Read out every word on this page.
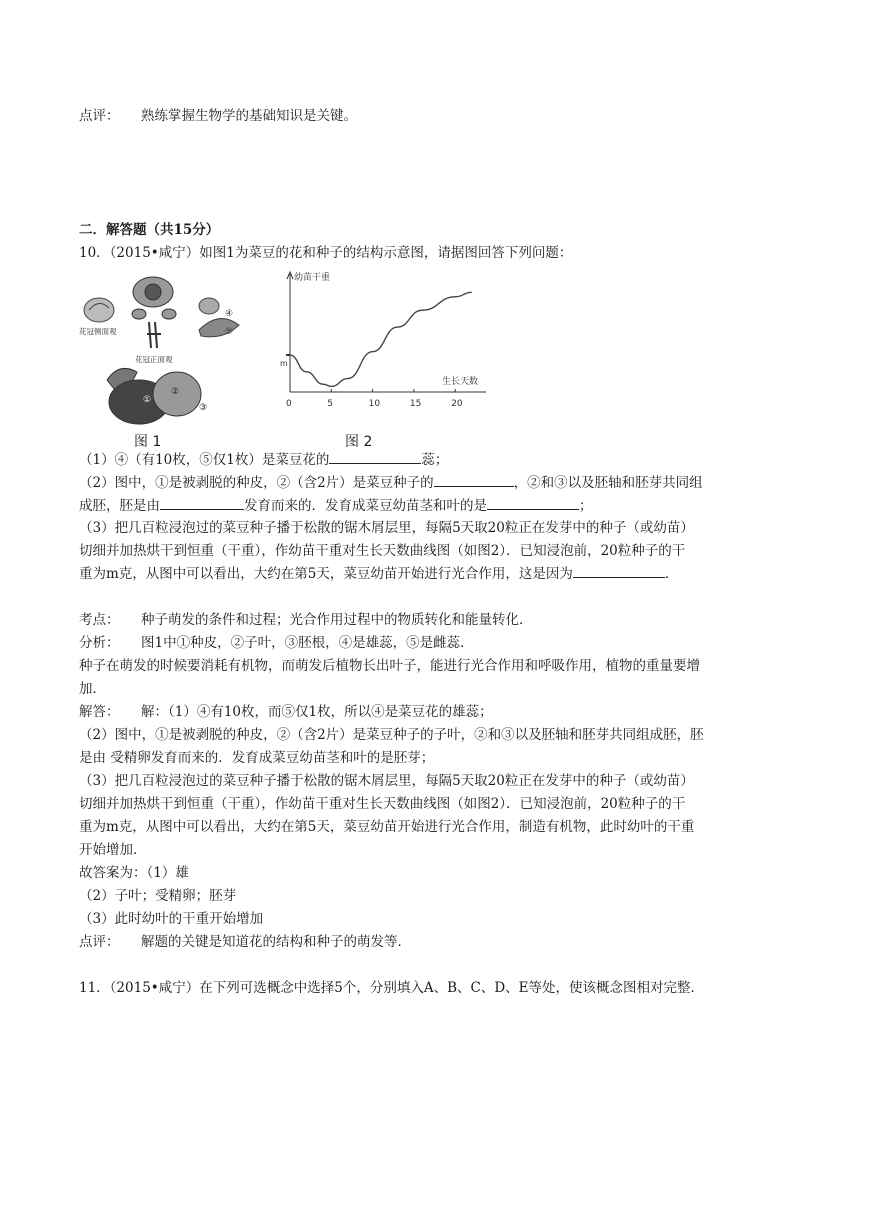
点评： 熟练掌握生物学的基础知识是关键。
二．解答题（共15分）
10．（2015•咸宁）如图1为菜豆的花和种子的结构示意图，请据图回答下列问题：
花冠侧面观
花冠正面观
④
⑤
①
②
③
图 1
幼苗干重
生长天数
m
0	5	10	15	20
图 2
（1）④（有10枚，⑤仅1枚）是菜豆花的	蕊；
（2）图中，①是被剥脱的种皮，②（含2片）是菜豆种子的	，②和③以及胚轴和胚芽共同组
成胚，胚是由	发育而来的．发育成菜豆幼苗茎和叶的是	；
（3）把几百粒浸泡过的菜豆种子播于松散的锯木屑层里，每隔5天取20粒正在发芽中的种子（或幼苗）
切细并加热烘干到恒重（干重），作幼苗干重对生长天数曲线图（如图2）．已知浸泡前，20粒种子的干
重为m克，从图中可以看出，大约在第5天，菜豆幼苗开始进行光合作用，这是因为	．
考点： 种子萌发的条件和过程；光合作用过程中的物质转化和能量转化．
分析： 图1中①种皮，②子叶，③胚根，④是雄蕊，⑤是雌蕊．
种子在萌发的时候要消耗有机物，而萌发后植物长出叶子，能进行光合作用和呼吸作用，植物的重量要增
加．
解答： 解：（1）④有10枚，而⑤仅1枚，所以④是菜豆花的雄蕊；
（2）图中，①是被剥脱的种皮，②（含2片）是菜豆种子的子叶，②和③以及胚轴和胚芽共同组成胚，胚
是由 受精卵发育而来的．发育成菜豆幼苗茎和叶的是胚芽；
（3）把几百粒浸泡过的菜豆种子播于松散的锯木屑层里，每隔5天取20粒正在发芽中的种子（或幼苗）
切细并加热烘干到恒重（干重），作幼苗干重对生长天数曲线图（如图2）．已知浸泡前，20粒种子的干
重为m克，从图中可以看出，大约在第5天，菜豆幼苗开始进行光合作用，制造有机物，此时幼叶的干重
开始增加．
故答案为：（1）雄
（2）子叶；受精卵；胚芽
（3）此时幼叶的干重开始增加
点评： 解题的关键是知道花的结构和种子的萌发等．
11．（2015•咸宁）在下列可选概念中选择5个，分别填入A、B、C、D、E等处，使该概念图相对完整．
